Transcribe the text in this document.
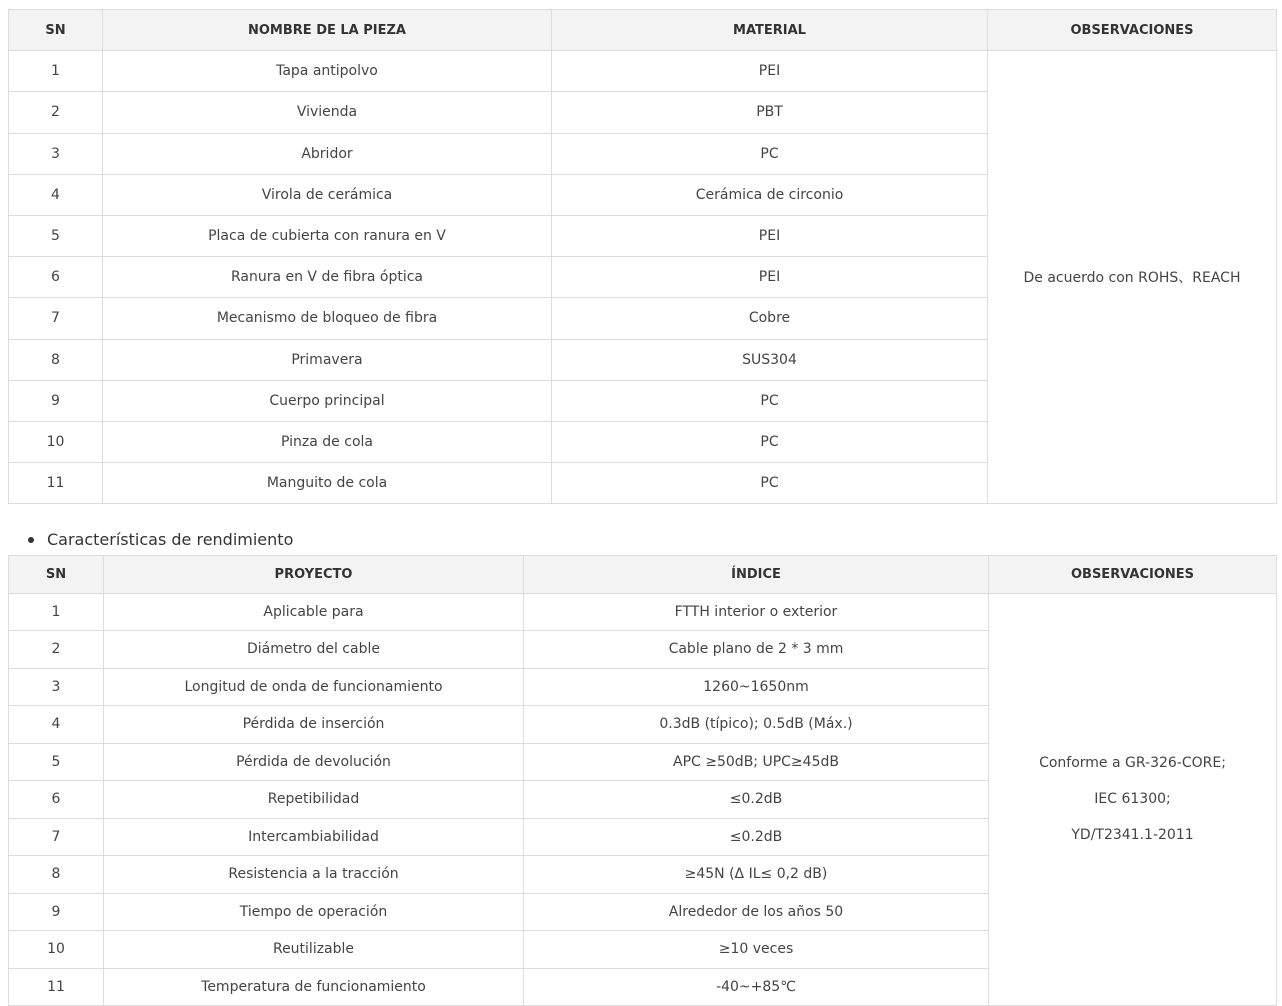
SN	NOMBRE DE LA PIEZA	MATERIAL	OBSERVACIONES
1	Tapa antipolvo	PEI	De acuerdo con ROHS、REACH
2	Vivienda	PBT	
3	Abridor	PC	
4	Virola de cerámica	Cerámica de circonio	
5	Placa de cubierta con ranura en V	PEI	
6	Ranura en V de fibra óptica	PEI	
7	Mecanismo de bloqueo de fibra	Cobre	
8	Primavera	SUS304	
9	Cuerpo principal	PC	
10	Pinza de cola	PC	
11	Manguito de cola	PC	
Características de rendimiento
SN	PROYECTO	ÍNDICE	OBSERVACIONES
1	Aplicable para	FTTH interior o exterior	Conforme a GR-326-CORE;
IEC 61300;
YD/T2341.1-2011

2	Diámetro del cable	Cable plano de 2 * 3 mm	
3	Longitud de onda de funcionamiento	1260~1650nm	
4	Pérdida de inserción	0.3dB (típico); 0.5dB (Máx.)	
5	Pérdida de devolución	APC ≥50dB; UPC≥45dB	
6	Repetibilidad	≤0.2dB	
7	Intercambiabilidad	≤0.2dB	
8	Resistencia a la tracción	≥45N (Δ IL≤ 0,2 dB)	
9	Tiempo de operación	Alrededor de los años 50	
10	Reutilizable	≥10 veces	
11	Temperatura de funcionamiento	-40~+85℃	
